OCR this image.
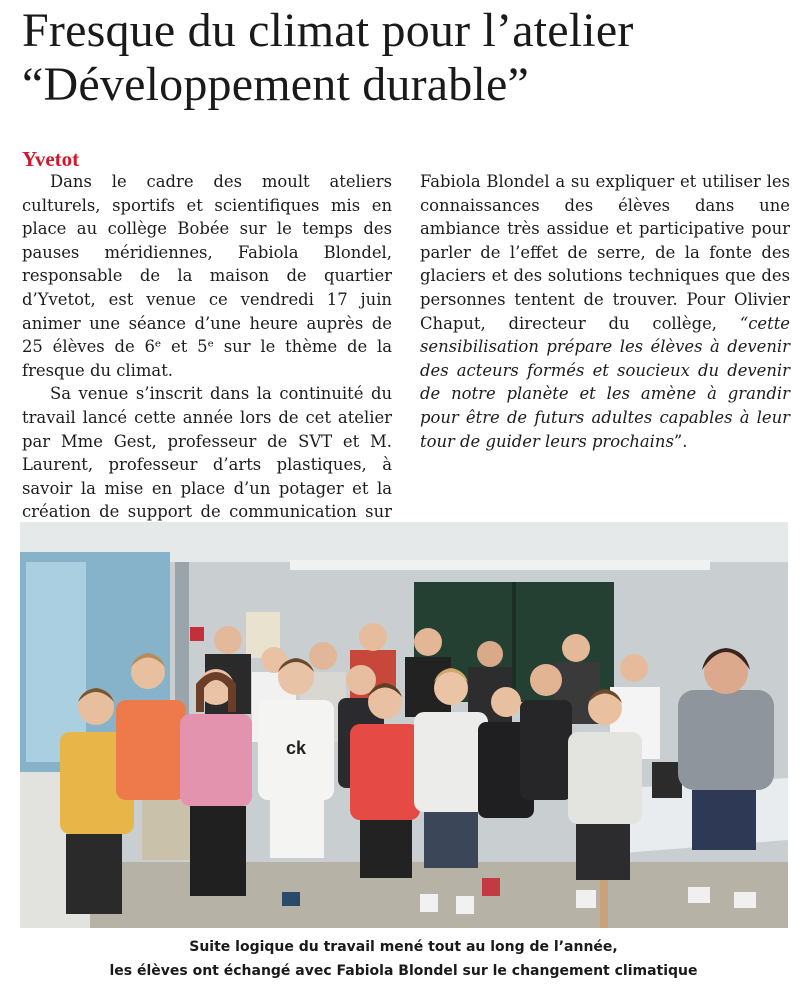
Fresque du climat pour l’atelier
“Développement durable”
Yvetot

Dans le cadre des moult ateliers culturels, sportifs et scientifiques mis en place au collège Bobée sur le temps des pauses méridiennes, Fabiola Blondel, responsable de la maison de quartier d’Yvetot, est venue ce vendredi 17 juin animer une séance d’une heure auprès de 25 élèves de 6ᵉ et 5ᵉ sur le thème de la fresque du climat.

Sa venue s’inscrit dans la continuité du travail lancé cette année lors de cet atelier par Mme Gest, professeur de SVT et M. Laurent, professeur d’arts plastiques, à savoir la mise en place d’un potager et la création de support de communication sur

Fabiola Blondel a su expliquer et utiliser les connaissances des élèves dans une ambiance très assidue et participative pour parler de l’effet de serre, de la fonte des glaciers et des solutions techniques que des personnes tentent de trouver. Pour Olivier Chaput, directeur du collège, “cette sensibilisation prépare les élèves à devenir des acteurs formés et soucieux du devenir de notre planète et les amène à grandir pour être de futurs adultes capables à leur tour de guider leurs prochains”.

ck
Suite logique du travail mené tout au long de l’année,
les élèves ont échangé avec Fabiola Blondel sur le changement climatique
